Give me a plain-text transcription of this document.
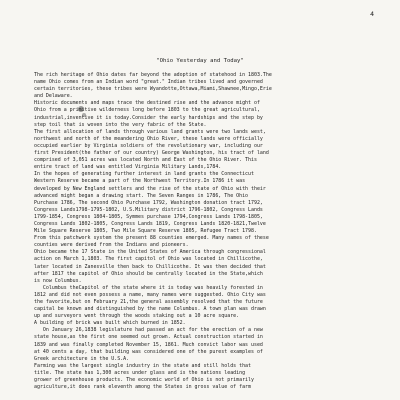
4
"Ohio Yesterday and Today"
The rich heritage of Ohio dates far beyond the adoption of statehood in 1803.The
name Ohio comes from an Indian word "great." Indian tribes lived and governed
certain territories, these tribes were Wyandotte,Ottawa,Miami,Shawnee,Mingo,Erie
and Delaware.
Historic documents and maps trace the destined rise and the advance might of
Ohio from a primitive wilderness long before 1803 to the great agricultural,
industrial,inventive it is today.Consider the early hardships and the step by
step toil that is woven into the very fabric of the State.
The first allocation of lands through various land grants were two lands west,
northwest and north of the meandering Ohio River, these lands were officially
occupied earlier by Virginia soldiers of the revolutionary war, including our
first President(the father of our country) George Washington, his tract of land
comprised of 3,051 acres was located North and East of the Ohio River. This
entire tract of land was entitled Virginia Military Lands,1784.
In the hopes of generating further interest in land grants the Connecticut
Western Reserve became a part of the Northwest Territory.In 1786 it was
developed by New England settlers and the rise of the state of Ohio with their
advanced might began a drawing start. The Seven Ranges in 1786, The Ohio
Purchase 1786, The second Ohio Purchase 1792, Washington donation tract 1792,
Congress Lands1798-1795-1802, U.S.Military district 1796-1802, Congress Lands
1799-1854, Congress 1804-1805, Symmes purchase 1794,Congress Lands 1798-1805,
Congress Lands 1802-1805, Congress Lands 1819, Congress Lands 1820-1821,Twelve
Mile Square Reserve 1805, Two Mile Square Reserve 1805, Refugee Tract 1798.
From this patchwork system the present 88 counties emerged. Many names of these
counties were derived from the Indians and pioneers.
Ohio became the 17 State in the United States of America through congressional
action on March 1,1803. The first capitol of Ohio was located in Chillicothe,
later located in Zanesville then back to Chillicothe. It was then decided that
after 1817 the capitol of Ohio should be centrally located in the State,which
is now Columbus.
Columbus theCapitol of the state where it is today was heavily forested in
1812 and did not even possess a name, many names were suggested. Ohio City was
the favorite,but on February 21,the general assembly resolved that the future
capital be known and distinguished by the name Columbus. A town plan was drawn
up and surveyors went through the woods staking out a 10 acre square.
A building of brick was built which burned in 1852.
On January 26,1838 legislature had passed an act for the erection of a new
state house,as the first one seemed out grown. Actual construction started in
1839 and was finally completed November 15, 1861. Much convict labor was used
at 40 cents a day, that building was considered one of the purest examples of
Greek architecture in the U.S.A.
Farming was the largest single industry in the state and still holds that
title. The state has 1,300 acres under glass and is the nations leading
grower of greenhouse products. The economic world of Ohio is not primarily
agriculture,it does rank eleventh among the States in gross value of farm
